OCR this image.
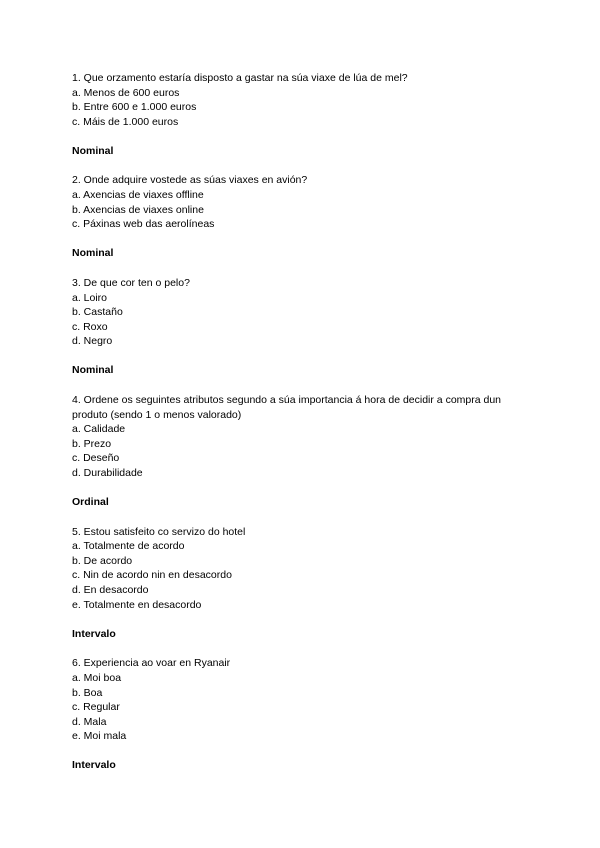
1. Que orzamento estaría disposto a gastar na súa viaxe de lúa de mel?
a. Menos de 600 euros
b. Entre 600 e 1.000 euros
c. Máis de 1.000 euros
Nominal
2. Onde adquire vostede as súas viaxes en avión?
a. Axencias de viaxes offline
b. Axencias de viaxes online
c. Páxinas web das aerolíneas
Nominal
3. De que cor ten o pelo?
a. Loiro
b. Castaño
c. Roxo
d. Negro
Nominal
4. Ordene os seguintes atributos segundo a súa importancia á hora de decidir a compra dun produto (sendo 1 o menos valorado)
a. Calidade
b. Prezo
c. Deseño
d. Durabilidade
Ordinal
5. Estou satisfeito co servizo do hotel
a. Totalmente de acordo
b. De acordo
c. Nin de acordo nin en desacordo
d. En desacordo
e. Totalmente en desacordo
Intervalo
6. Experiencia ao voar en Ryanair
a. Moi boa
b. Boa
c. Regular
d. Mala
e. Moi mala
Intervalo
